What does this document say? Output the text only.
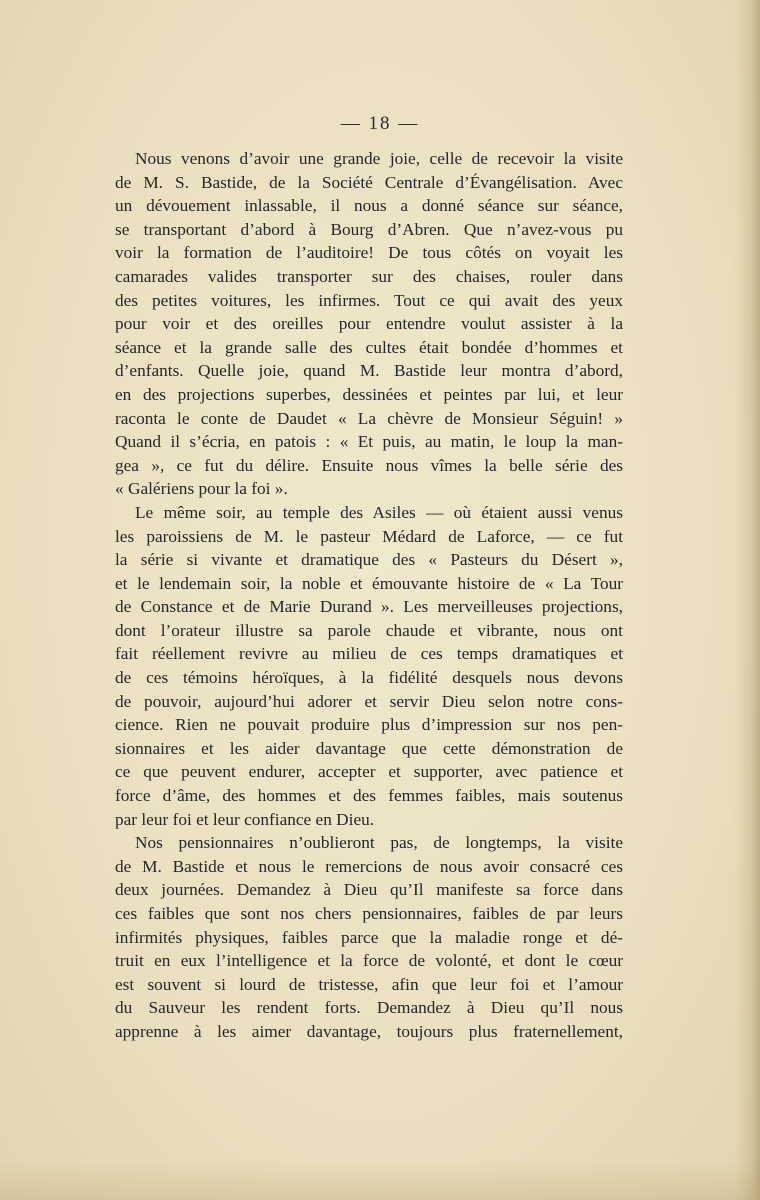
— 18 —
Nous venons d’avoir une grande joie, celle de recevoir la visite
de M. S. Bastide, de la Société Centrale d’Évangélisation. Avec
un dévouement inlassable, il nous a donné séance sur séance,
se transportant d’abord à Bourg d’Abren. Que n’avez-vous pu
voir la formation de l’auditoire! De tous côtés on voyait les
camarades valides transporter sur des chaises, rouler dans
des petites voitures, les infirmes. Tout ce qui avait des yeux
pour voir et des oreilles pour entendre voulut assister à la
séance et la grande salle des cultes était bondée d’hommes et
d’enfants. Quelle joie, quand M. Bastide leur montra d’abord,
en des projections superbes, dessinées et peintes par lui, et leur
raconta le conte de Daudet « La chèvre de Monsieur Séguin! »
Quand il s’écria, en patois : « Et puis, au matin, le loup la man-
gea », ce fut du délire. Ensuite nous vîmes la belle série des
« Galériens pour la foi ».
Le même soir, au temple des Asiles — où étaient aussi venus
les paroissiens de M. le pasteur Médard de Laforce, — ce fut
la série si vivante et dramatique des « Pasteurs du Désert »,
et le lendemain soir, la noble et émouvante histoire de « La Tour
de Constance et de Marie Durand ». Les merveilleuses projections,
dont l’orateur illustre sa parole chaude et vibrante, nous ont
fait réellement revivre au milieu de ces temps dramatiques et
de ces témoins héroïques, à la fidélité desquels nous devons
de pouvoir, aujourd’hui adorer et servir Dieu selon notre cons-
cience. Rien ne pouvait produire plus d’impression sur nos pen-
sionnaires et les aider davantage que cette démonstration de
ce que peuvent endurer, accepter et supporter, avec patience et
force d’âme, des hommes et des femmes faibles, mais soutenus
par leur foi et leur confiance en Dieu.
Nos pensionnaires n’oublieront pas, de longtemps, la visite
de M. Bastide et nous le remercions de nous avoir consacré ces
deux journées. Demandez à Dieu qu’Il manifeste sa force dans
ces faibles que sont nos chers pensionnaires, faibles de par leurs
infirmités physiques, faibles parce que la maladie ronge et dé-
truit en eux l’intelligence et la force de volonté, et dont le cœur
est souvent si lourd de tristesse, afin que leur foi et l’amour
du Sauveur les rendent forts. Demandez à Dieu qu’Il nous
apprenne à les aimer davantage, toujours plus fraternellement,
